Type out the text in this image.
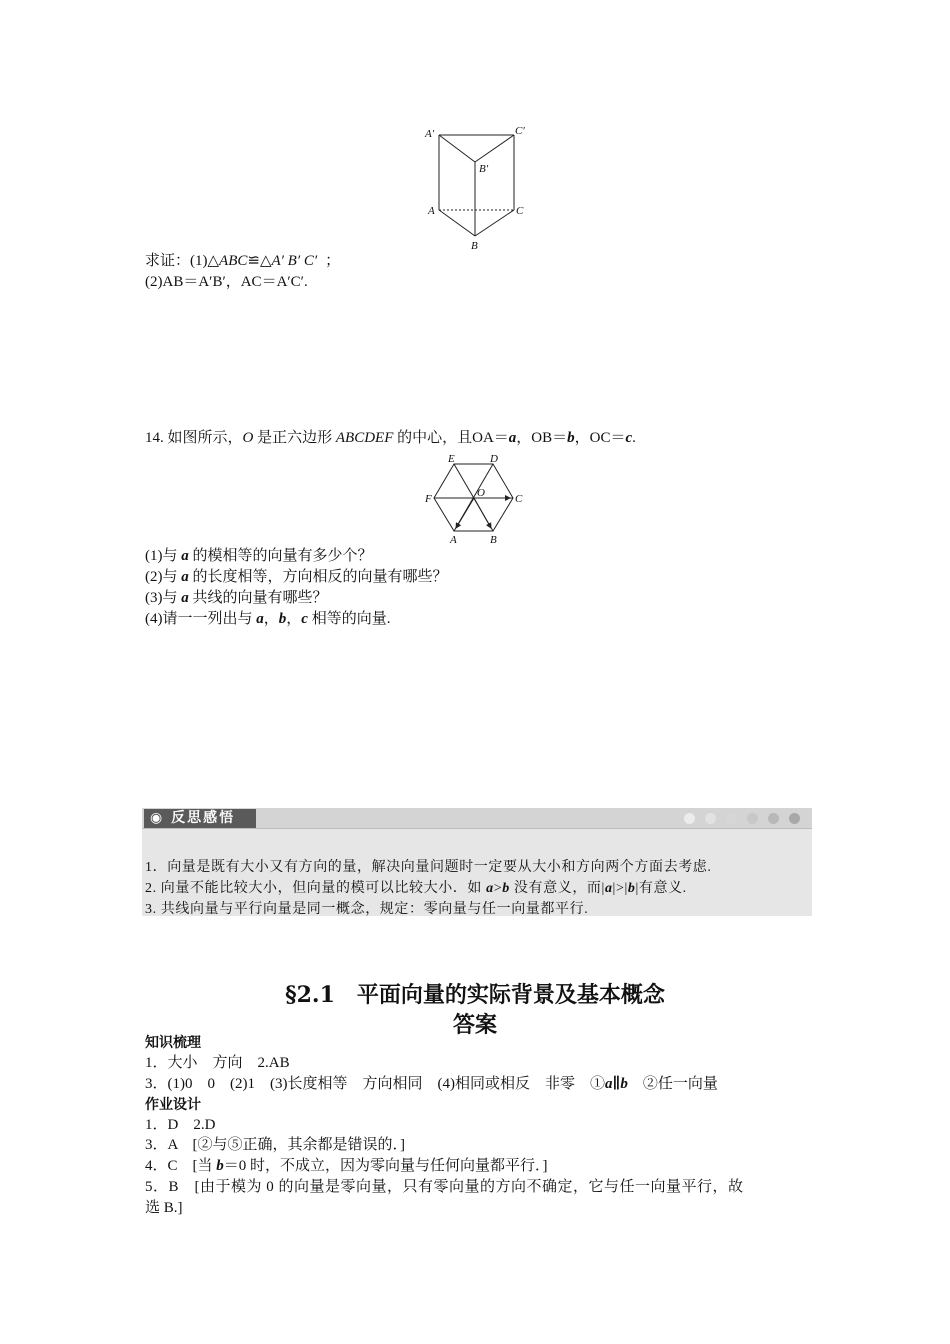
A′	C′
B′
A	C
B
求证：(1)△ABC≌△A′ B′ C′ ；
(2)AB＝A′B′，AC＝A′C′.
14. 如图所示，O 是正六边形 ABCDEF 的中心，且OA＝a，OB＝b，OC＝c.
E	D
F	O	C
A	B
(1)与 a 的模相等的向量有多少个？
(2)与 a 的长度相等，方向相反的向量有哪些？
(3)与 a 共线的向量有哪些？
(4)请一一列出与 a，b，c 相等的向量.
◉ 反思感悟
1．向量是既有大小又有方向的量，解决向量问题时一定要从大小和方向两个方面去考虑.
2. 向量不能比较大小，但向量的模可以比较大小．如 a>b 没有意义，而|a|>|b|有意义.
3. 共线向量与平行向量是同一概念，规定：零向量与任一向量都平行.
§2.1　平面向量的实际背景及基本概念
答案
知识梳理
1．大小　方向　2.AB
3．(1)0　0　(2)1　(3)长度相等　方向相同　(4)相同或相反　非零　①a∥b　②任一向量
作业设计
1．D　2.D
3．A　[②与⑤正确，其余都是错误的．]
4．C　[当 b＝0 时，不成立，因为零向量与任何向量都平行．]
5．B　[由于模为 0 的向量是零向量，只有零向量的方向不确定，它与任一向量平行，故
选 B.]
